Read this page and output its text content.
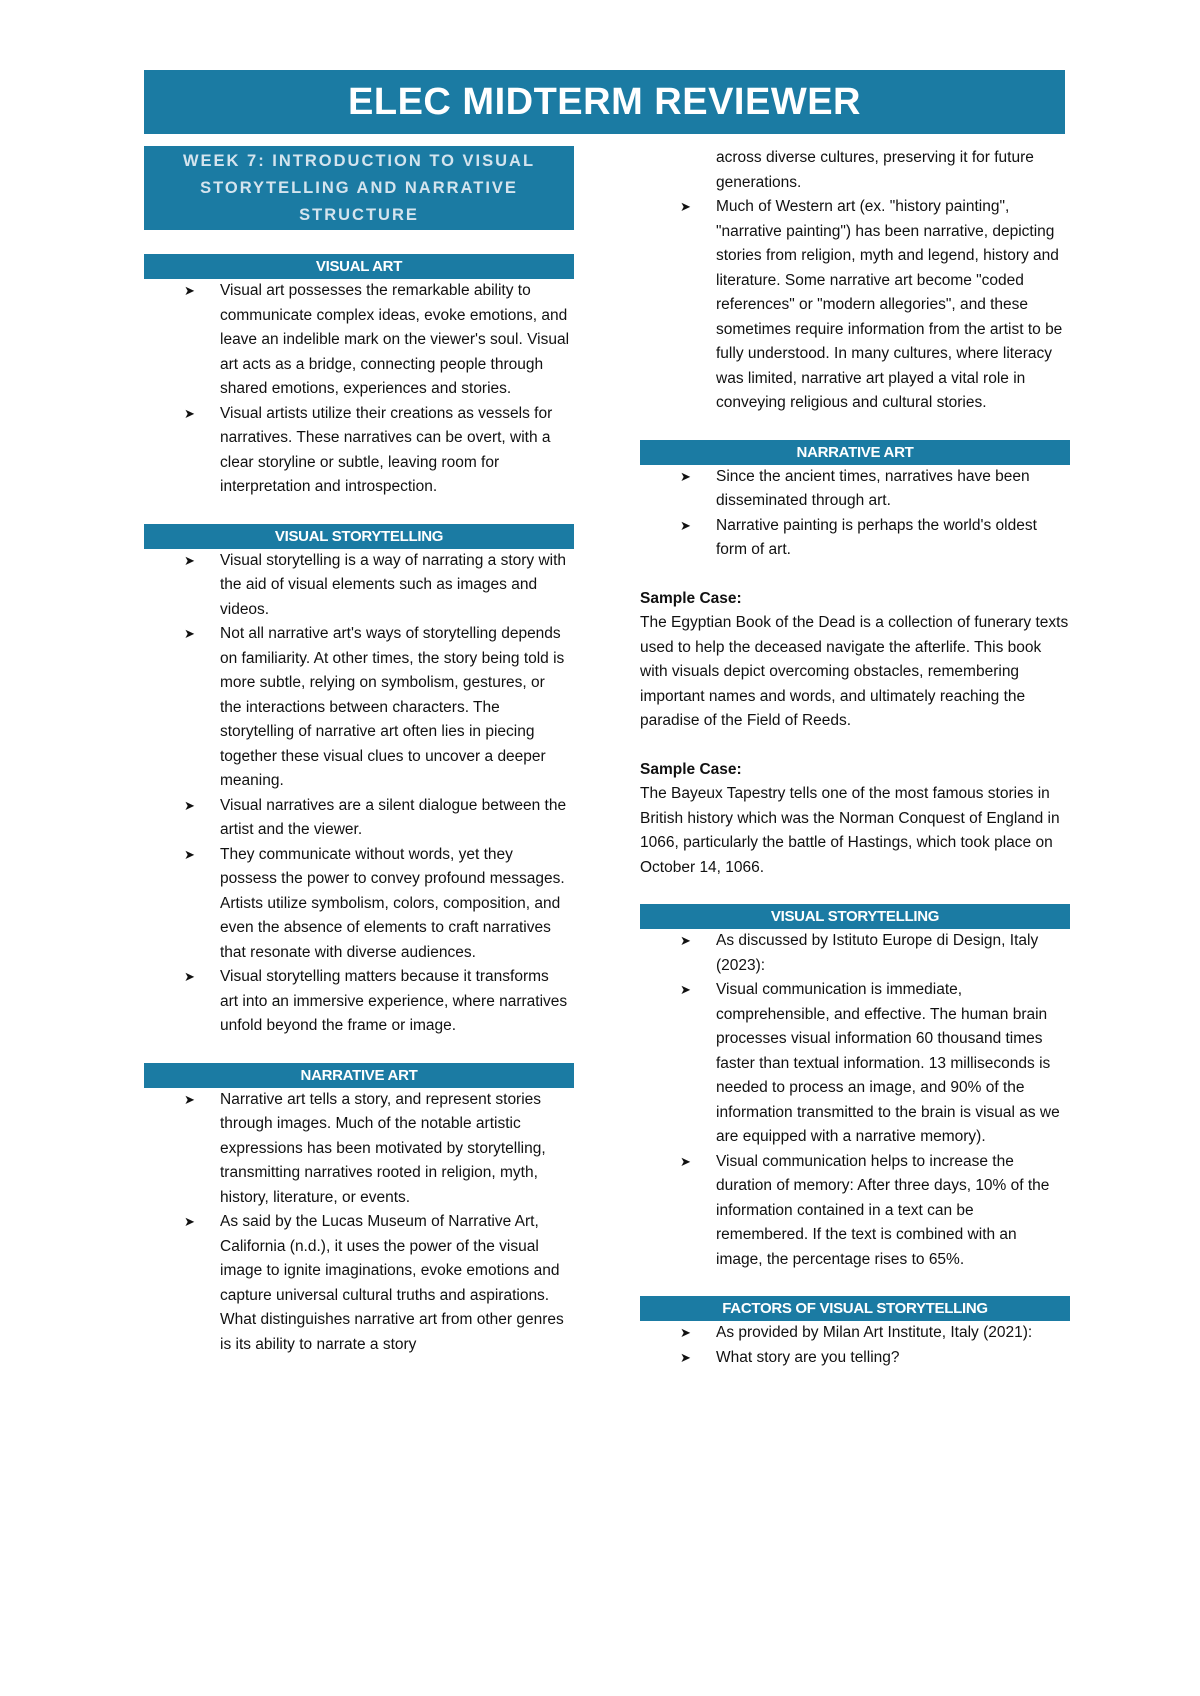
ELEC MIDTERM REVIEWER
WEEK 7: INTRODUCTION TO VISUAL
STORYTELLING AND NARRATIVE
STRUCTURE
VISUAL ART
➤ Visual art possesses the remarkable ability to communicate complex ideas, evoke emotions, and leave an indelible mark on the viewer's soul. Visual art acts as a bridge, connecting people through shared emotions, experiences and stories.
➤ Visual artists utilize their creations as vessels for narratives. These narratives can be overt, with a clear storyline or subtle, leaving room for interpretation and introspection.
VISUAL STORYTELLING
➤ Visual storytelling is a way of narrating a story with the aid of visual elements such as images and videos.
➤ Not all narrative art's ways of storytelling depends on familiarity. At other times, the story being told is more subtle, relying on symbolism, gestures, or the interactions between characters. The storytelling of narrative art often lies in piecing together these visual clues to uncover a deeper meaning.
➤ Visual narratives are a silent dialogue between the artist and the viewer.
➤ They communicate without words, yet they possess the power to convey profound messages. Artists utilize symbolism, colors, composition, and even the absence of elements to craft narratives that resonate with diverse audiences.
➤ Visual storytelling matters because it transforms art into an immersive experience, where narratives unfold beyond the frame or image.
NARRATIVE ART
➤ Narrative art tells a story, and represent stories through images. Much of the notable artistic expressions has been motivated by storytelling, transmitting narratives rooted in religion, myth, history, literature, or events.
➤ As said by the Lucas Museum of Narrative Art, California (n.d.), it uses the power of the visual image to ignite imaginations, evoke emotions and capture universal cultural truths and aspirations. What distinguishes narrative art from other genres is its ability to narrate a story
across diverse cultures, preserving it for future generations.
➤ Much of Western art (ex. "history painting", "narrative painting") has been narrative, depicting stories from religion, myth and legend, history and literature. Some narrative art become "coded references" or "modern allegories", and these sometimes require information from the artist to be fully understood. In many cultures, where literacy was limited, narrative art played a vital role in conveying religious and cultural stories.
NARRATIVE ART
➤ Since the ancient times, narratives have been disseminated through art.
➤ Narrative painting is perhaps the world's oldest form of art.
Sample Case:
The Egyptian Book of the Dead is a collection of funerary texts used to help the deceased navigate the afterlife. This book with visuals depict overcoming obstacles, remembering important names and words, and ultimately reaching the paradise of the Field of Reeds.
Sample Case:
The Bayeux Tapestry tells one of the most famous stories in British history which was the Norman Conquest of England in 1066, particularly the battle of Hastings, which took place on October 14, 1066.
VISUAL STORYTELLING
➤ As discussed by Istituto Europe di Design, Italy (2023):
➤ Visual communication is immediate, comprehensible, and effective. The human brain processes visual information 60 thousand times faster than textual information. 13 milliseconds is needed to process an image, and 90% of the information transmitted to the brain is visual as we are equipped with a narrative memory).
➤ Visual communication helps to increase the duration of memory: After three days, 10% of the information contained in a text can be remembered. If the text is combined with an image, the percentage rises to 65%.
FACTORS OF VISUAL STORYTELLING
➤ As provided by Milan Art Institute, Italy (2021):
➤ What story are you telling?
